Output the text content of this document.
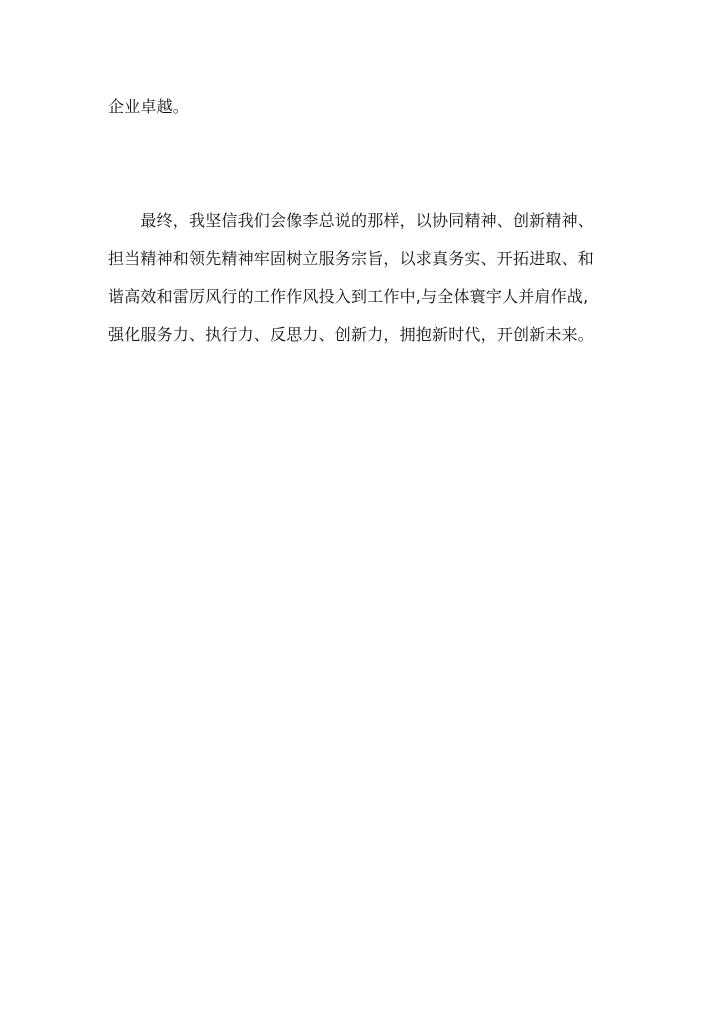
企业卓越。
　　最终，我坚信我们会像李总说的那样，以协同精神、创新精神、
担当精神和领先精神牢固树立服务宗旨，以求真务实、开拓进取、和
谐高效和雷厉风行的工作作风投入到工作中,与全体寰宇人并肩作战,
强化服务力、执行力、反思力、创新力，拥抱新时代，开创新未来。
